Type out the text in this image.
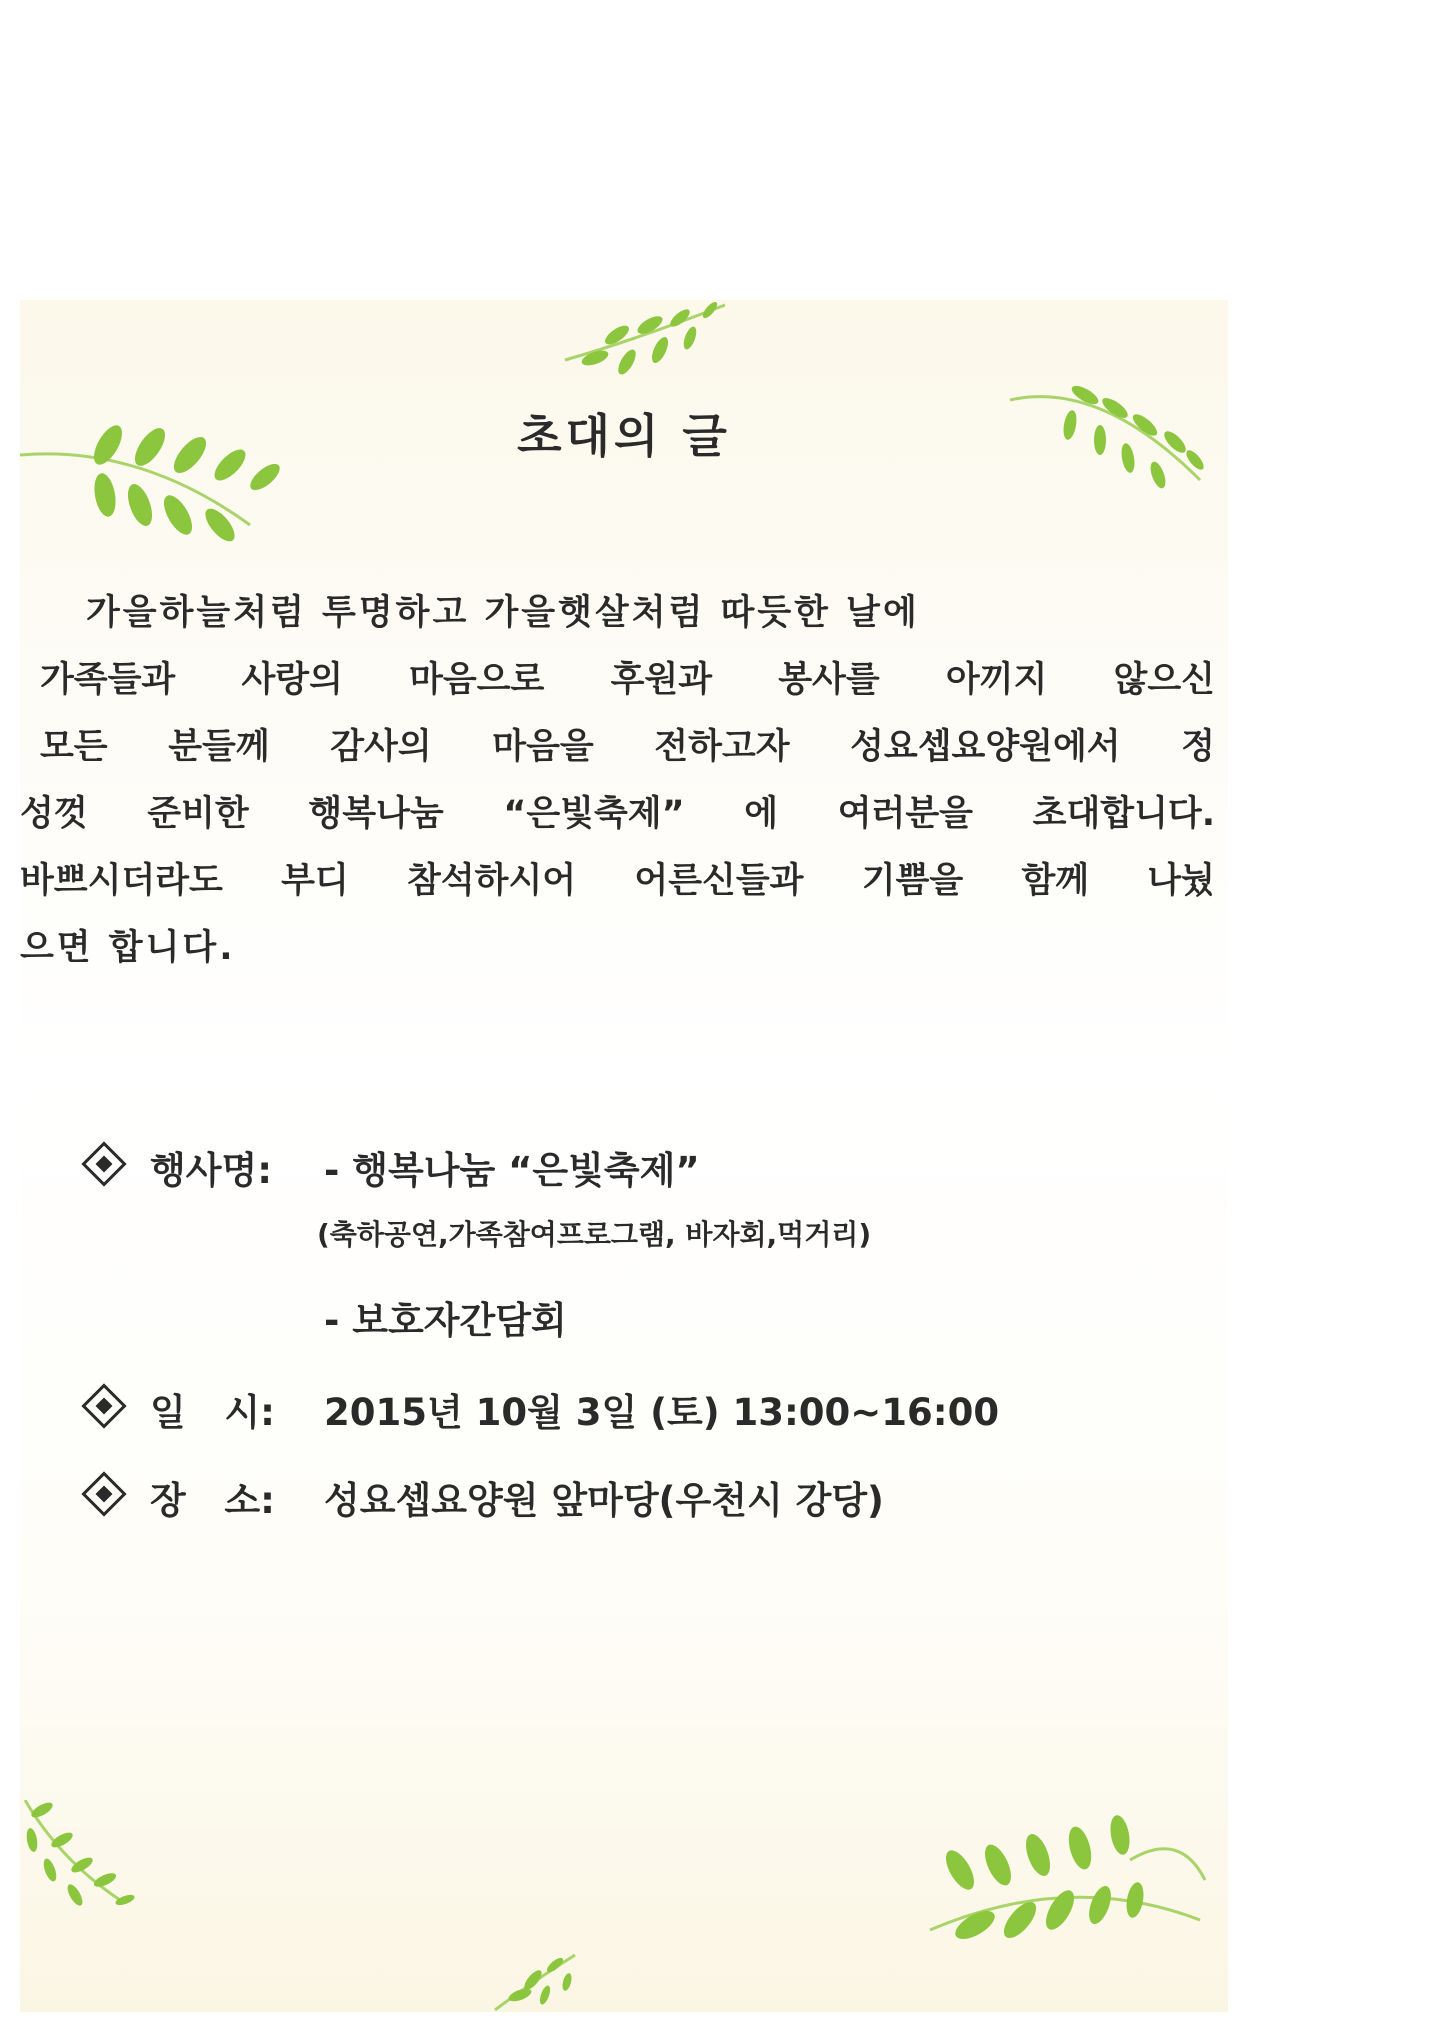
초대의 글
가을하늘처럼 투명하고 가을햇살처럼 따듯한 날에
가족들과 사랑의 마음으로 후원과 봉사를 아끼지 않으신
모든 분들께 감사의 마음을 전하고자 성요셉요양원에서 정
성껏 준비한 행복나눔 “은빛축제” 에 여러분을 초대합니다.
바쁘시더라도 부디 참석하시어 어른신들과 기쁨을 함께 나눴
으면 합니다.
행사명: - 행복나눔 “은빛축제”
(축하공연,가족참여프로그램, 바자회,먹거리)
- 보호자간담회
일   시: 2015년 10월 3일 (토) 13:00~16:00
장   소: 성요셉요양원 앞마당(우천시 강당)
